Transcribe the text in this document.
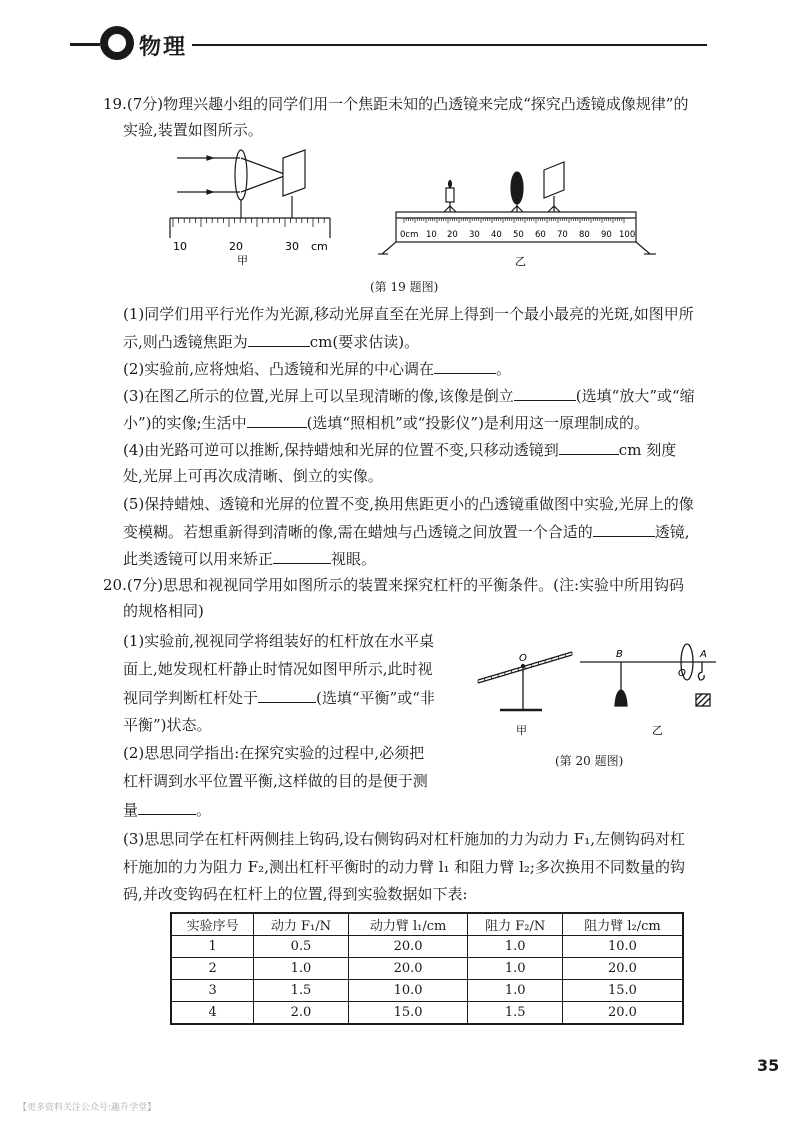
物理
19.(7分)物理兴趣小组的同学们用一个焦距未知的凸透镜来完成“探究凸透镜成像规律”的
实验,装置如图所示。
10	20	30 cm
甲
0cm 10 20 30 40 50 60 70 80 90 100
乙
(第 19 题图)
(1)同学们用平行光作为光源,移动光屏直至在光屏上得到一个最小最亮的光斑,如图甲所
示,则凸透镜焦距为	cm(要求估读)。
(2)实验前,应将烛焰、凸透镜和光屏的中心调在	。
(3)在图乙所示的位置,光屏上可以呈现清晰的像,该像是倒立	(选填“放大”或“缩
小”)的实像;生活中	(选填“照相机”或“投影仪”)是利用这一原理制成的。
(4)由光路可逆可以推断,保持蜡烛和光屏的位置不变,只移动透镜到	cm 刻度
处,光屏上可再次成清晰、倒立的实像。
(5)保持蜡烛、透镜和光屏的位置不变,换用焦距更小的凸透镜重做图中实验,光屏上的像
变模糊。若想重新得到清晰的像,需在蜡烛与凸透镜之间放置一个合适的	透镜,
此类透镜可以用来矫正	视眼。
20.(7分)思思和视视同学用如图所示的装置来探究杠杆的平衡条件。(注:实验中所用钩码
的规格相同)
(1)实验前,视视同学将组装好的杠杆放在水平桌
面上,她发现杠杆静止时情况如图甲所示,此时视
视同学判断杠杆处于	(选填“平衡”或“非
平衡”)状态。
(2)思思同学指出:在探究实验的过程中,必须把
杠杆调到水平位置平衡,这样做的目的是便于测
量	。
O
甲
B
O
A
乙
(第 20 题图)
(3)思思同学在杠杆两侧挂上钩码,设右侧钩码对杠杆施加的力为动力 F₁,左侧钩码对杠
杆施加的力为阻力 F₂,测出杠杆平衡时的动力臂 l₁ 和阻力臂 l₂;多次换用不同数量的钩
码,并改变钩码在杠杆上的位置,得到实验数据如下表:
实验序号	动力 F₁/N	动力臂 l₁/cm	阻力 F₂/N	阻力臂 l₂/cm
1	0.5	20.0	1.0	10.0
2	1.0	20.0	1.0	20.0
3	1.5	10.0	1.0	15.0
4	2.0	15.0	1.5	20.0
35
【更多资料关注公众号:趣升学堂】
